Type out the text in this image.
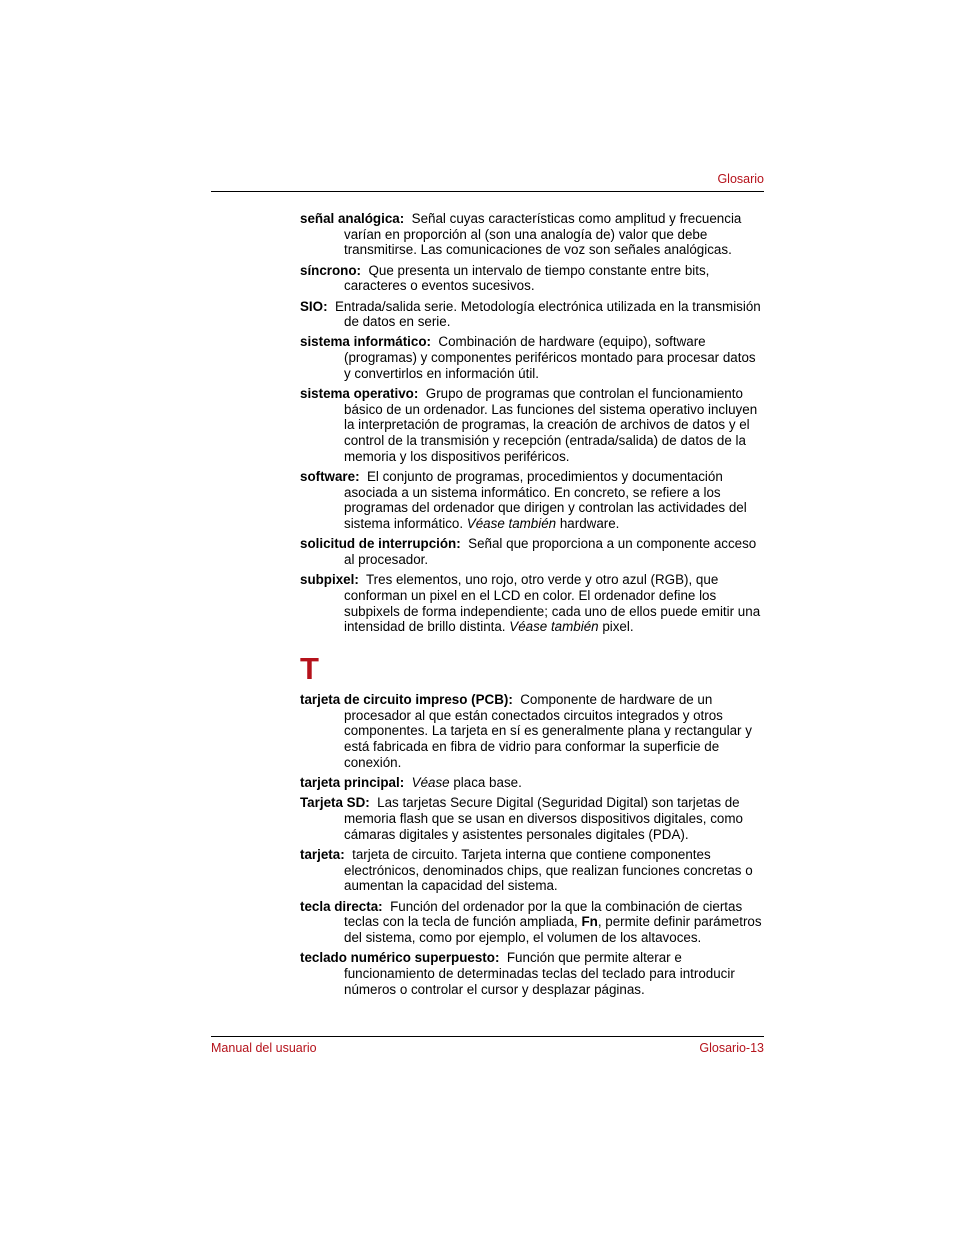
Glosario

señal analógica: Señal cuyas características como amplitud y frecuencia varían en proporción al (son una analogía de) valor que debe transmitirse. Las comunicaciones de voz son señales analógicas.

síncrono: Que presenta un intervalo de tiempo constante entre bits, caracteres o eventos sucesivos.

SIO: Entrada/salida serie. Metodología electrónica utilizada en la transmisión de datos en serie.

sistema informático: Combinación de hardware (equipo), software (programas) y componentes periféricos montado para procesar datos y convertirlos en información útil.

sistema operativo: Grupo de programas que controlan el funcionamiento básico de un ordenador. Las funciones del sistema operativo incluyen la interpretación de programas, la creación de archivos de datos y el control de la transmisión y recepción (entrada/salida) de datos de la memoria y los dispositivos periféricos.

software: El conjunto de programas, procedimientos y documentación asociada a un sistema informático. En concreto, se refiere a los programas del ordenador que dirigen y controlan las actividades del sistema informático. Véase también hardware.

solicitud de interrupción: Señal que proporciona a un componente acceso al procesador.

subpixel: Tres elementos, uno rojo, otro verde y otro azul (RGB), que conforman un pixel en el LCD en color. El ordenador define los subpixels de forma independiente; cada uno de ellos puede emitir una intensidad de brillo distinta. Véase también pixel.

T

tarjeta de circuito impreso (PCB): Componente de hardware de un procesador al que están conectados circuitos integrados y otros componentes. La tarjeta en sí es generalmente plana y rectangular y está fabricada en fibra de vidrio para conformar la superficie de conexión.

tarjeta principal: Véase placa base.

Tarjeta SD: Las tarjetas Secure Digital (Seguridad Digital) son tarjetas de memoria flash que se usan en diversos dispositivos digitales, como cámaras digitales y asistentes personales digitales (PDA).

tarjeta: tarjeta de circuito. Tarjeta interna que contiene componentes electrónicos, denominados chips, que realizan funciones concretas o aumentan la capacidad del sistema.

tecla directa: Función del ordenador por la que la combinación de ciertas teclas con la tecla de función ampliada, Fn, permite definir parámetros del sistema, como por ejemplo, el volumen de los altavoces.

teclado numérico superpuesto: Función que permite alterar e funcionamiento de determinadas teclas del teclado para introducir números o controlar el cursor y desplazar páginas.

Manual del usuario	Glosario-13
